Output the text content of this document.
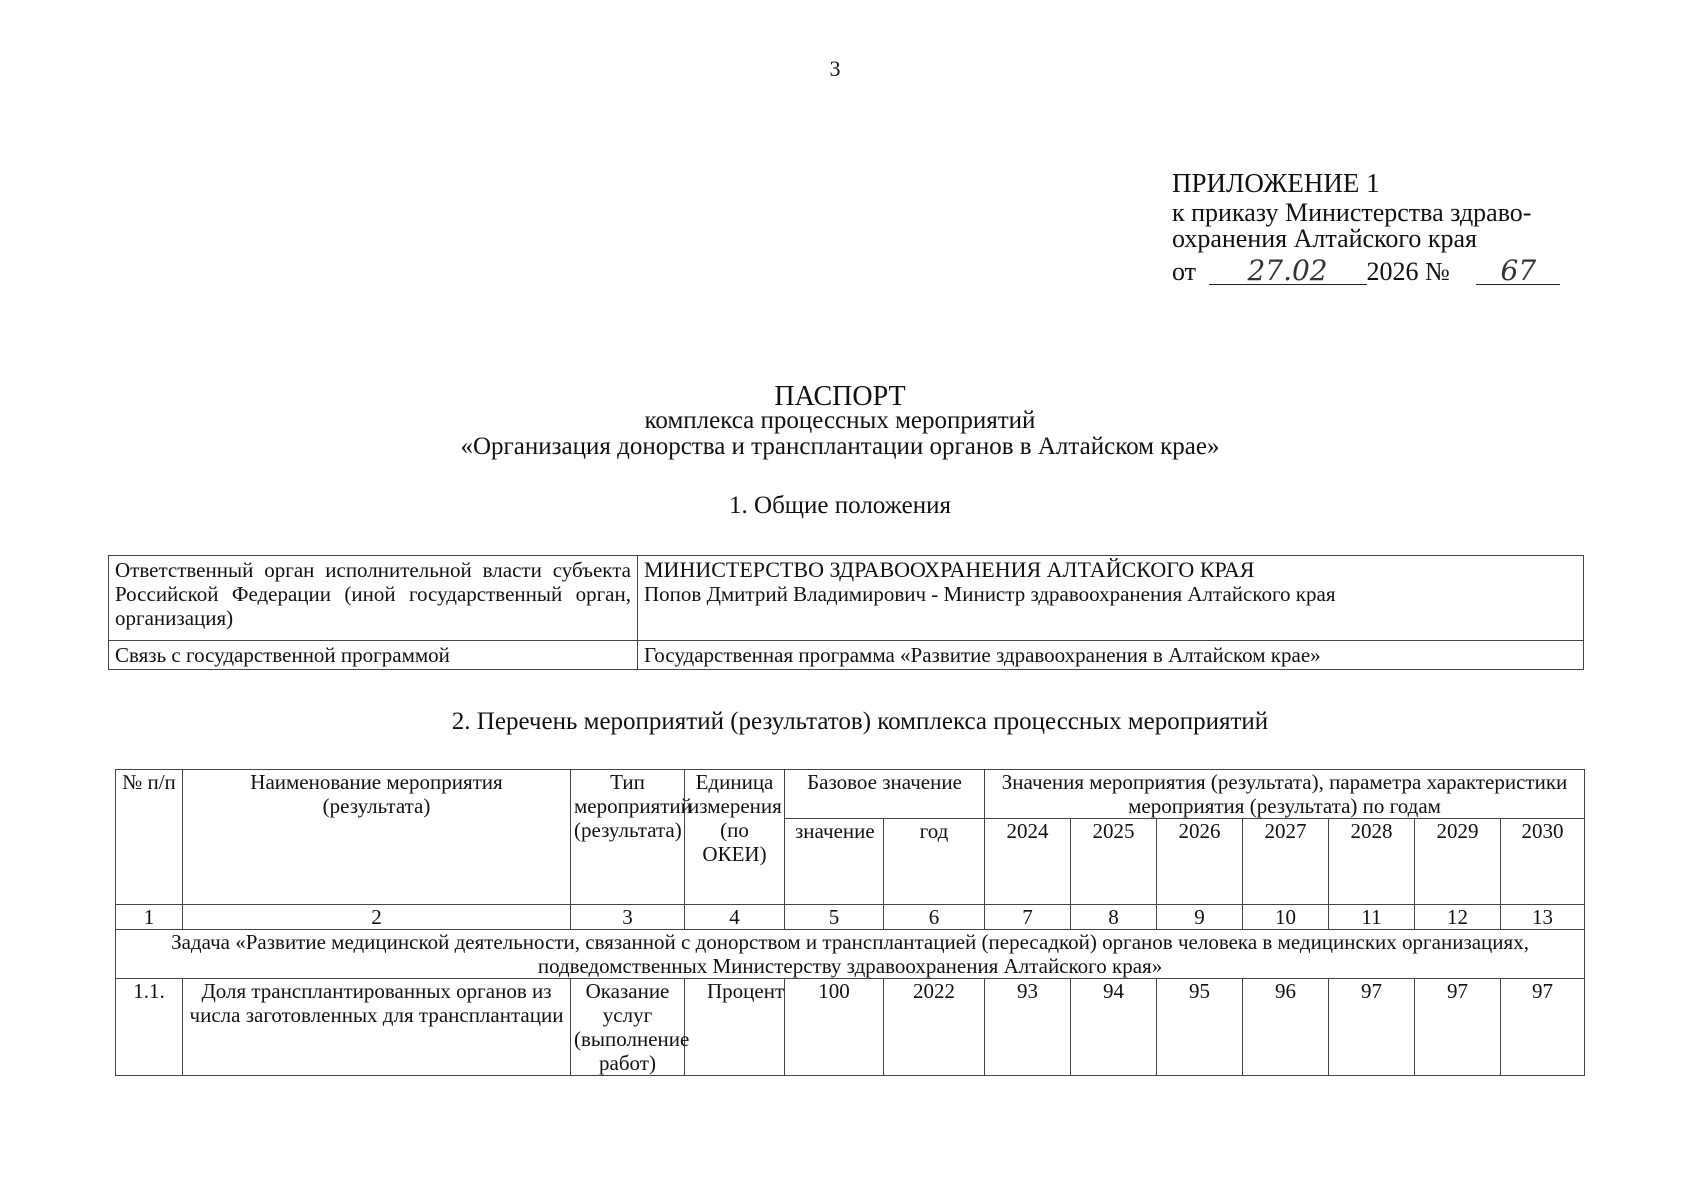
3
ПРИЛОЖЕНИЕ 1
к приказу Министерства здраво-
охранения Алтайского края
от 27.02 2026 № 67
ПАСПОРТ
комплекса процессных мероприятий
«Организация донорства и трансплантации органов в Алтайском крае»
1. Общие положения
Ответственный орган исполнительной власти субъекта Российской Федерации (иной государственный орган, организация)	МИНИСТЕРСТВО ЗДРАВООХРАНЕНИЯ АЛТАЙСКОГО КРАЯ
Попов Дмитрий Владимирович - Министр здравоохранения Алтайского края

Связь с государственной программой	Государственная программа «Развитие здравоохранения в Алтайском крае»
2. Перечень мероприятий (результатов) комплекса процессных мероприятий
№ п/п	Наименование мероприятия (результата)	Тип мероприятий (результата)	Единица измерения (по ОКЕИ)	Базовое значение		Значения мероприятия (результата), параметра характеристики мероприятия (результата) по годам						
				значение	год	2024	2025	2026	2027	2028	2029	2030
1	2	3	4	5	6	7	8	9	10	11	12	13
Задача «Развитие медицинской деятельности, связанной с донорством и трансплантацией (пересадкой) органов человека в медицинских организациях, подведомственных Министерству здравоохранения Алтайского края»												
1.1.	Доля трансплантированных органов из числа заготовленных для трансплантации	Оказание услуг (выполнение работ)	Процент	100	2022	93	94	95	96	97	97	97
